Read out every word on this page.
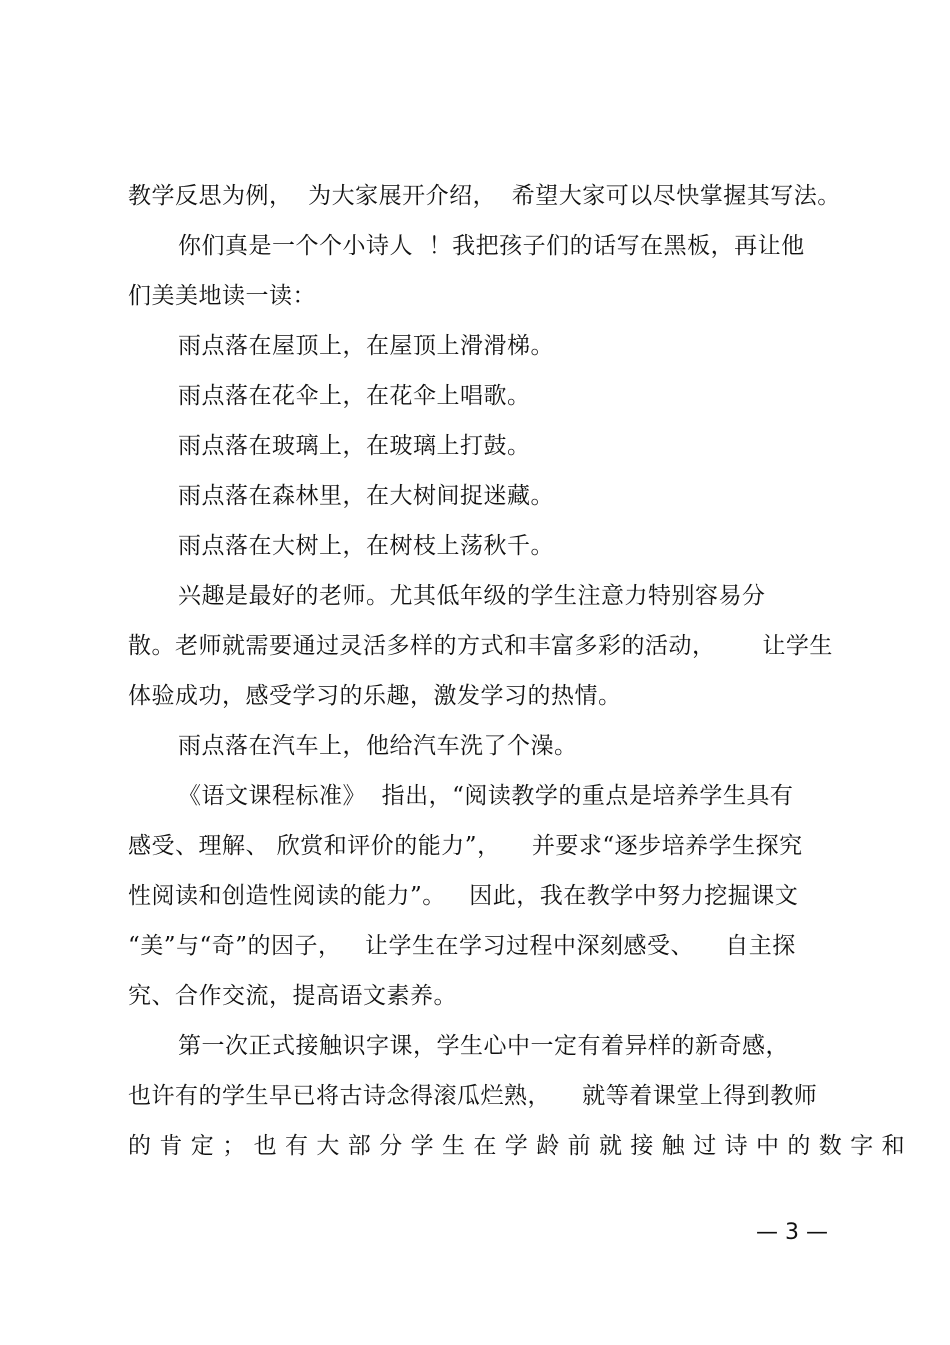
教学反思为例，  为大家展开介绍，  希望大家可以尽快掌握其写法。
你们真是一个个小诗人  ！我把孩子们的话写在黑板，再让他
们美美地读一读：
雨点落在屋顶上，在屋顶上滑滑梯。
雨点落在花伞上，在花伞上唱歌。
雨点落在玻璃上，在玻璃上打鼓。
雨点落在森林里，在大树间捉迷藏。
雨点落在大树上，在树枝上荡秋千。
兴趣是最好的老师。尤其低年级的学生注意力特别容易分
散。老师就需要通过灵活多样的方式和丰富多彩的活动，      让学生
体验成功，感受学习的乐趣，激发学习的热情。
雨点落在汽车上，他给汽车洗了个澡。
《语文课程标准》  指出，“阅读教学的重点是培养学生具有
感受、理解、 欣赏和评价的能力”，    并要求“逐步培养学生探究
性阅读和创造性阅读的能力”。   因此，我在教学中努力挖掘课文
“美”与“奇”的因子，   让学生在学习过程中深刻感受、    自主探
究、合作交流，提高语文素养。
第一次正式接触识字课，学生心中一定有着异样的新奇感，
也许有的学生早已将古诗念得滚瓜烂熟，    就等着课堂上得到教师
的肯定；也有大部分学生在学龄前就接触过诗中的数字和
— 3 —
